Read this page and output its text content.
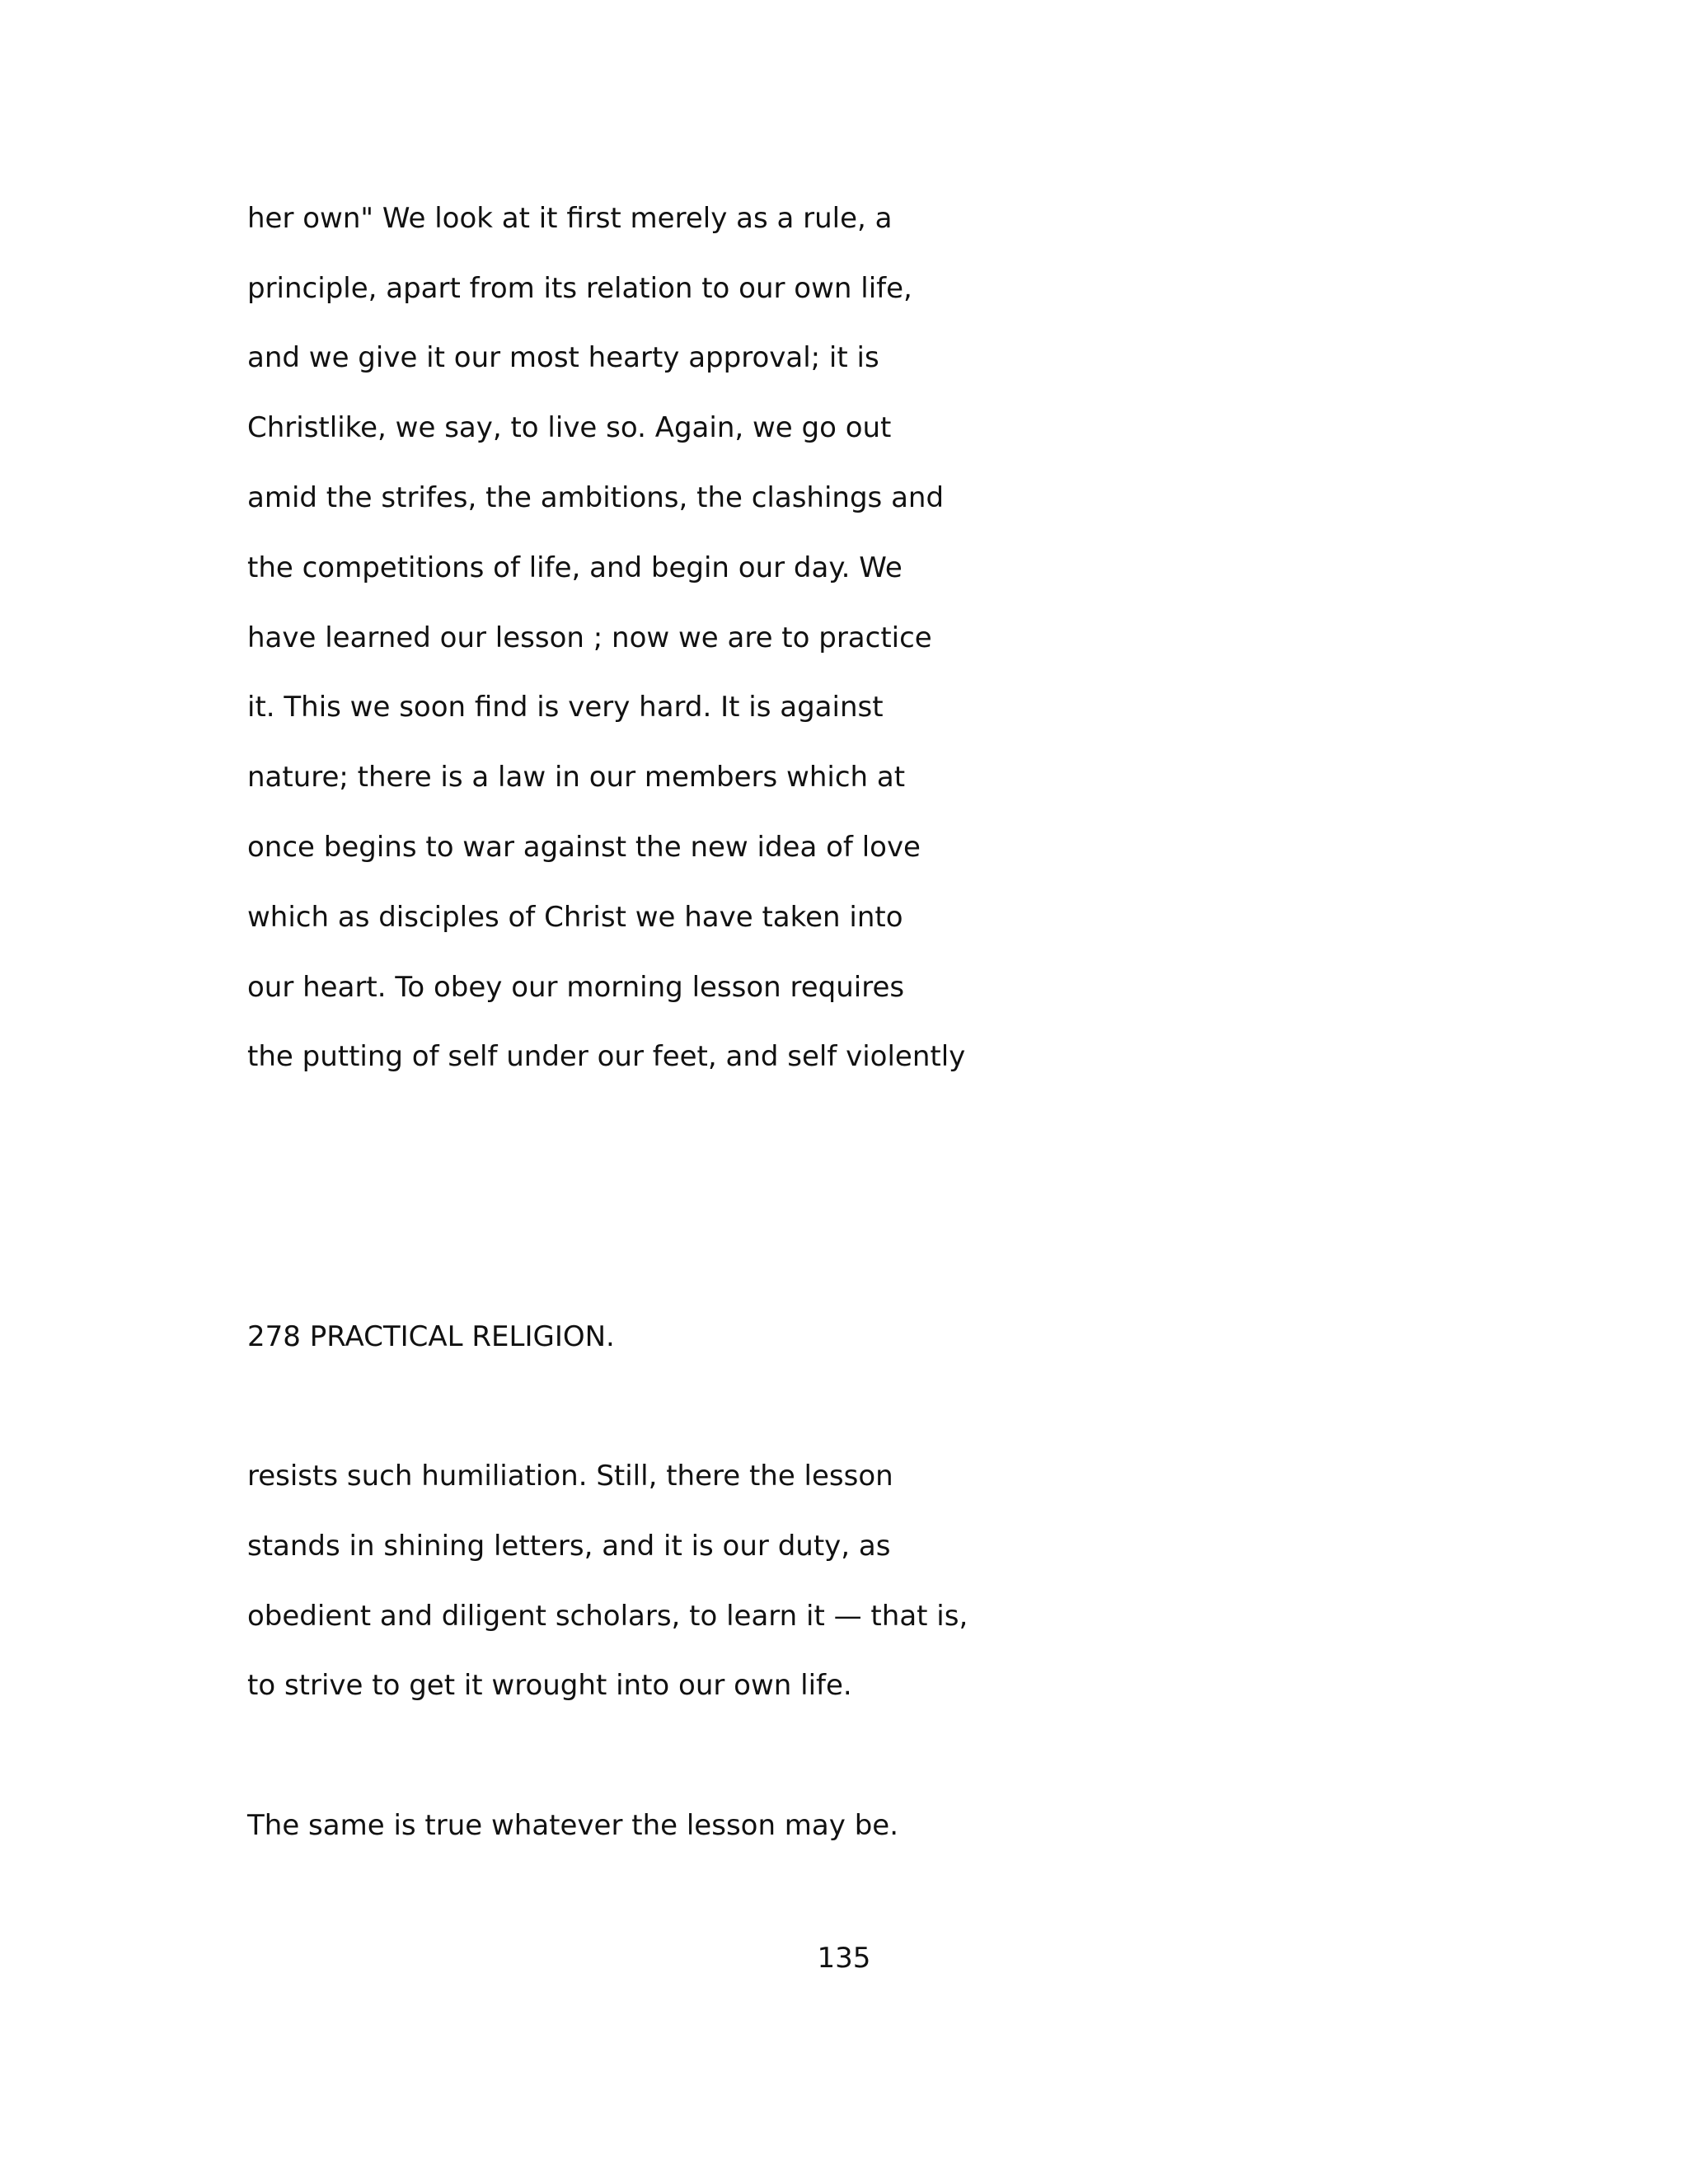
her own" We look at it first merely as a rule, a

principle, apart from its relation to our own life,

and we give it our most hearty approval; it is

Christlike, we say, to live so. Again, we go out

amid the strifes, the ambitions, the clashings and

the competitions of life, and begin our day. We

have learned our lesson ; now we are to practice

it. This we soon find is very hard. It is against

nature; there is a law in our members which at

once begins to war against the new idea of love

which as disciples of Christ we have taken into

our heart. To obey our morning lesson requires

the putting of self under our feet, and self violently

278 PRACTICAL RELIGION.

resists such humiliation. Still, there the lesson

stands in shining letters, and it is our duty, as

obedient and diligent scholars, to learn it — that is,

to strive to get it wrought into our own life.

The same is true whatever the lesson may be.

135
